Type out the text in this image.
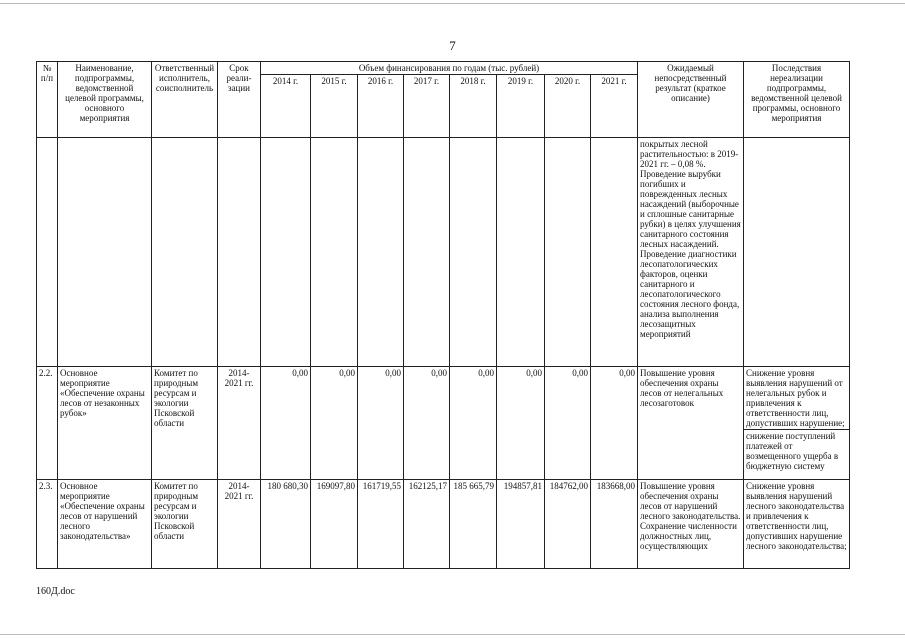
7
№ п/п	Наименование, подпрограммы, ведомственной целевой программы, основного мероприятия	Ответственный исполнитель, соисполнитель	Срок реали-зации	Объем финансирования по годам (тыс. рублей)								Ожидаемый непосредственный результат (краткое описание)	Последствия нереализации подпрограммы, ведомственной целевой программы, основного мероприятия
				2014 г.	2015 г.	2016 г.	2017 г.	2018 г.	2019 г.	2020 г.	2021 г.		
												покрытых лесной растительностью: в 2019-2021 гг. – 0,08 %. Проведение вырубки погибших и поврежденных лесных насаждений (выборочные и сплошные санитарные рубки) в целях улучшения санитарного состояния лесных насаждений. Проведение диагностики лесопатологических факторов, оценки санитарного и лесопатологического состояния лесного фонда, анализа выполнения лесозащитных мероприятий	
2.2.	Основное мероприятие «Обеспечение охраны лесов от незаконных рубок»	Комитет по природным ресурсам и экологии Псковской области	2014-2021 гг.	0,00	0,00	0,00	0,00	0,00	0,00	0,00	0,00	Повышение уровня обеспечения охраны лесов от нелегальных лесозаготовок	Снижение уровня выявления нарушений от нелегальных рубок и привлечения к ответственности лиц, допустивших нарушение;
снижение поступлений платежей от возмещенного ущерба в бюджетную систему

2.3.	Основное мероприятие «Обеспечение охраны лесов от нарушений лесного законодательства»	Комитет по природным ресурсам и экологии Псковской области	2014-2021 гг.	180 680,30	169097,80	161719,55	162125,17	185 665,79	194857,81	184762,00	183668,00	Повышение уровня обеспечения охраны лесов от нарушений лесного законодательства. Сохранение численности должностных лиц, осуществляющих	Снижение уровня выявления нарушений лесного законодательства и привлечения к ответственности лиц, допустивших нарушение лесного законодательства;
160Д.doc
